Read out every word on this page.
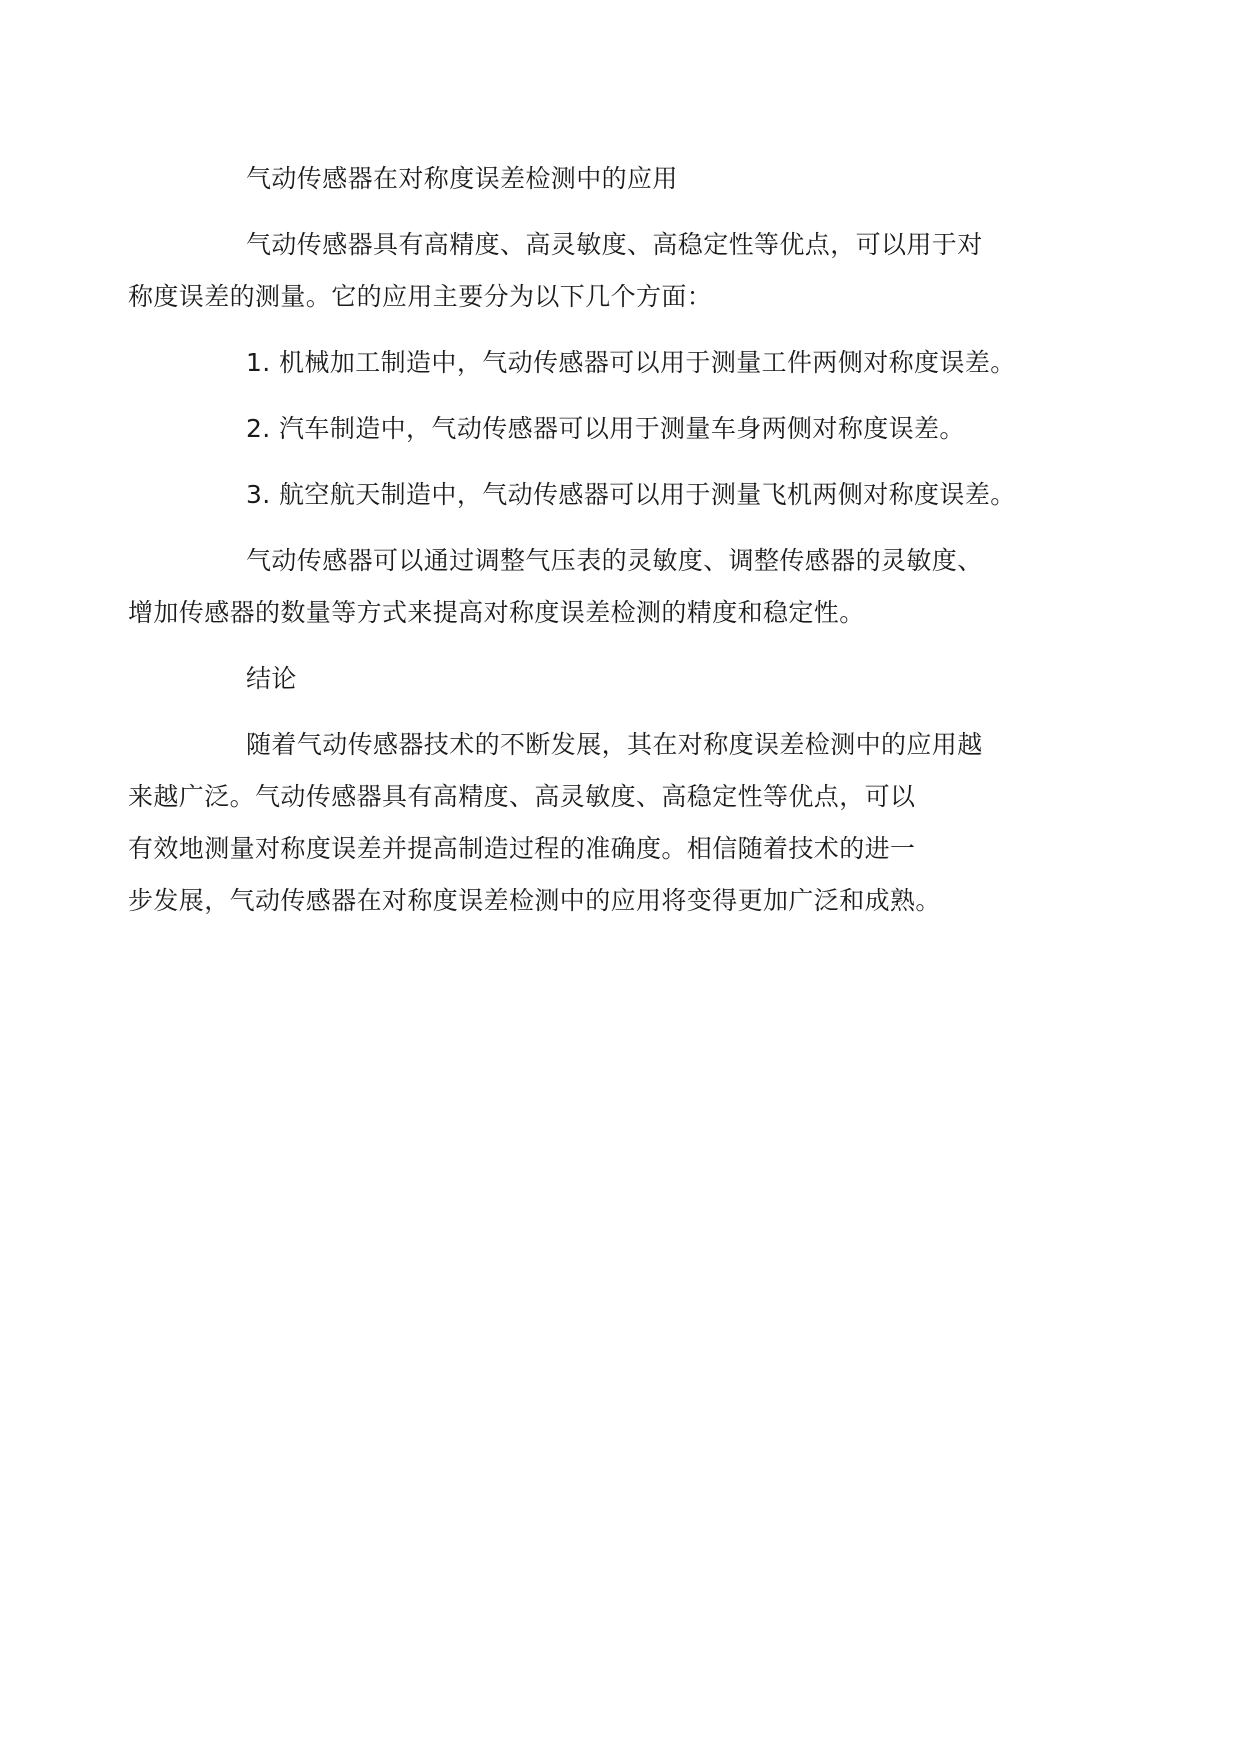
气动传感器在对称度误差检测中的应用

气动传感器具有高精度、高灵敏度、高稳定性等优点，可以用于对
称度误差的测量。它的应用主要分为以下几个方面：

1. 机械加工制造中，气动传感器可以用于测量工件两侧对称度误差。

2. 汽车制造中，气动传感器可以用于测量车身两侧对称度误差。

3. 航空航天制造中，气动传感器可以用于测量飞机两侧对称度误差。

气动传感器可以通过调整气压表的灵敏度、调整传感器的灵敏度、
增加传感器的数量等方式来提高对称度误差检测的精度和稳定性。

结论

随着气动传感器技术的不断发展，其在对称度误差检测中的应用越
来越广泛。气动传感器具有高精度、高灵敏度、高稳定性等优点，可以
有效地测量对称度误差并提高制造过程的准确度。相信随着技术的进一
步发展，气动传感器在对称度误差检测中的应用将变得更加广泛和成熟。
